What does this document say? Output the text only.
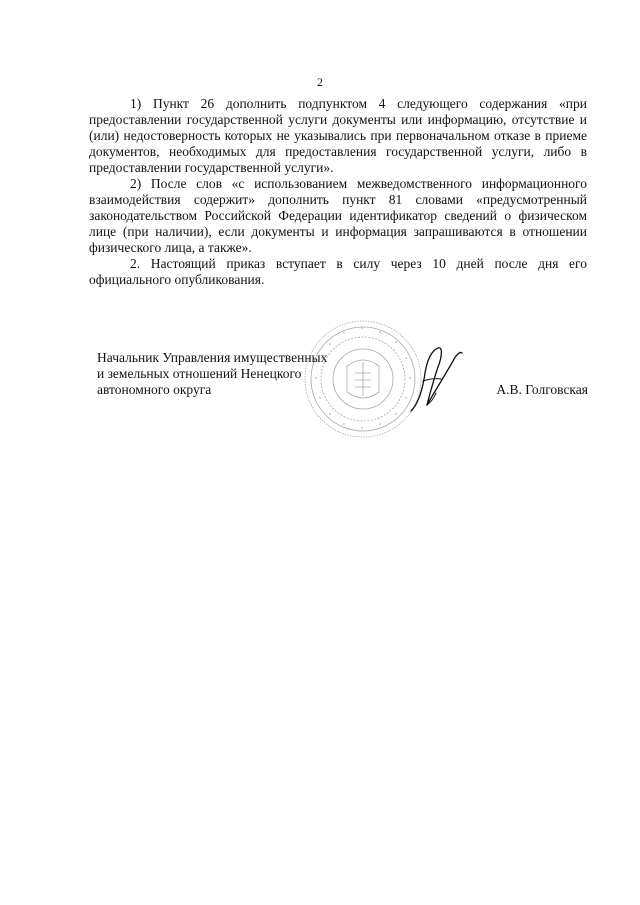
2

1) Пункт 26 дополнить подпунктом 4 следующего содержания «при предоставлении государственной услуги документы или информацию, отсутствие и (или) недостоверность которых не указывались при первоначальном отказе в приеме документов, необходимых для предоставления государственной услуги, либо в предоставлении государственной услуги».

2) После слов «с использованием межведомственного информационного взаимодействия содержит» дополнить пункт 81 словами «предусмотренный законодательством Российской Федерации идентификатор сведений о физическом лице (при наличии), если документы и информация запрашиваются в отношении физического лица, а также».

2. Настоящий приказ вступает в силу через 10 дней после дня его официального опубликования.

Начальник Управления имущественных
и земельных отношений Ненецкого
автономного округа	А.В. Голговская
